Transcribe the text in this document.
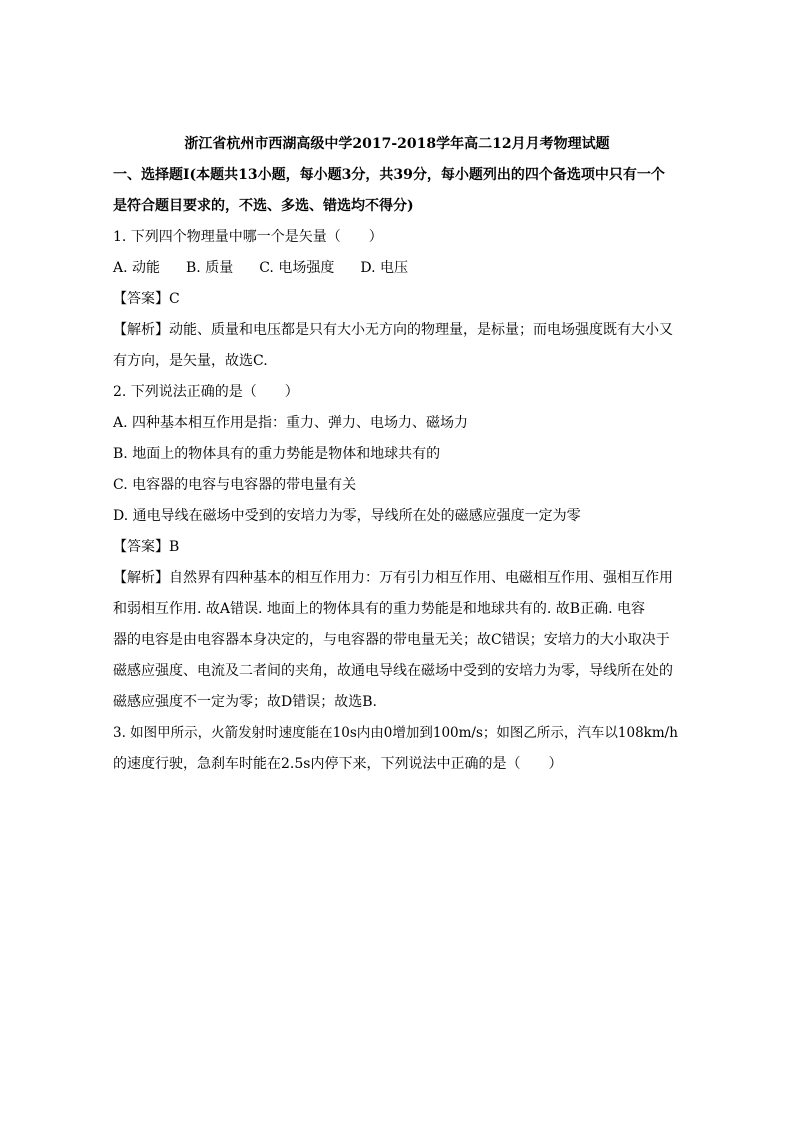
浙江省杭州市西湖高级中学2017-2018学年高二12月月考物理试题
一、选择题Ⅰ(本题共13小题，每小题3分，共39分，每小题列出的四个备选项中只有一个
是符合题目要求的，不选、多选、错选均不得分)
1. 下列四个物理量中哪一个是矢量（　　）
A. 动能 B. 质量 C. 电场强度 D. 电压
【答案】C
【解析】动能、质量和电压都是只有大小无方向的物理量，是标量；而电场强度既有大小又
有方向，是矢量，故选C.
2. 下列说法正确的是（　　）
A. 四种基本相互作用是指：重力、弹力、电场力、磁场力
B. 地面上的物体具有的重力势能是物体和地球共有的
C. 电容器的电容与电容器的带电量有关
D. 通电导线在磁场中受到的安培力为零，导线所在处的磁感应强度一定为零
【答案】B
【解析】自然界有四种基本的相互作用力：万有引力相互作用、电磁相互作用、强相互作用
和弱相互作用. 故A错误. 地面上的物体具有的重力势能是和地球共有的. 故B正确. 电容
器的电容是由电容器本身决定的，与电容器的带电量无关；故C错误；安培力的大小取决于
磁感应强度、电流及二者间的夹角，故通电导线在磁场中受到的安培力为零，导线所在处的
磁感应强度不一定为零；故D错误；故选B.
3. 如图甲所示，火箭发射时速度能在10s内由0增加到100m/s；如图乙所示，汽车以108km/h
的速度行驶，急刹车时能在2.5s内停下来，下列说法中正确的是（　　）
